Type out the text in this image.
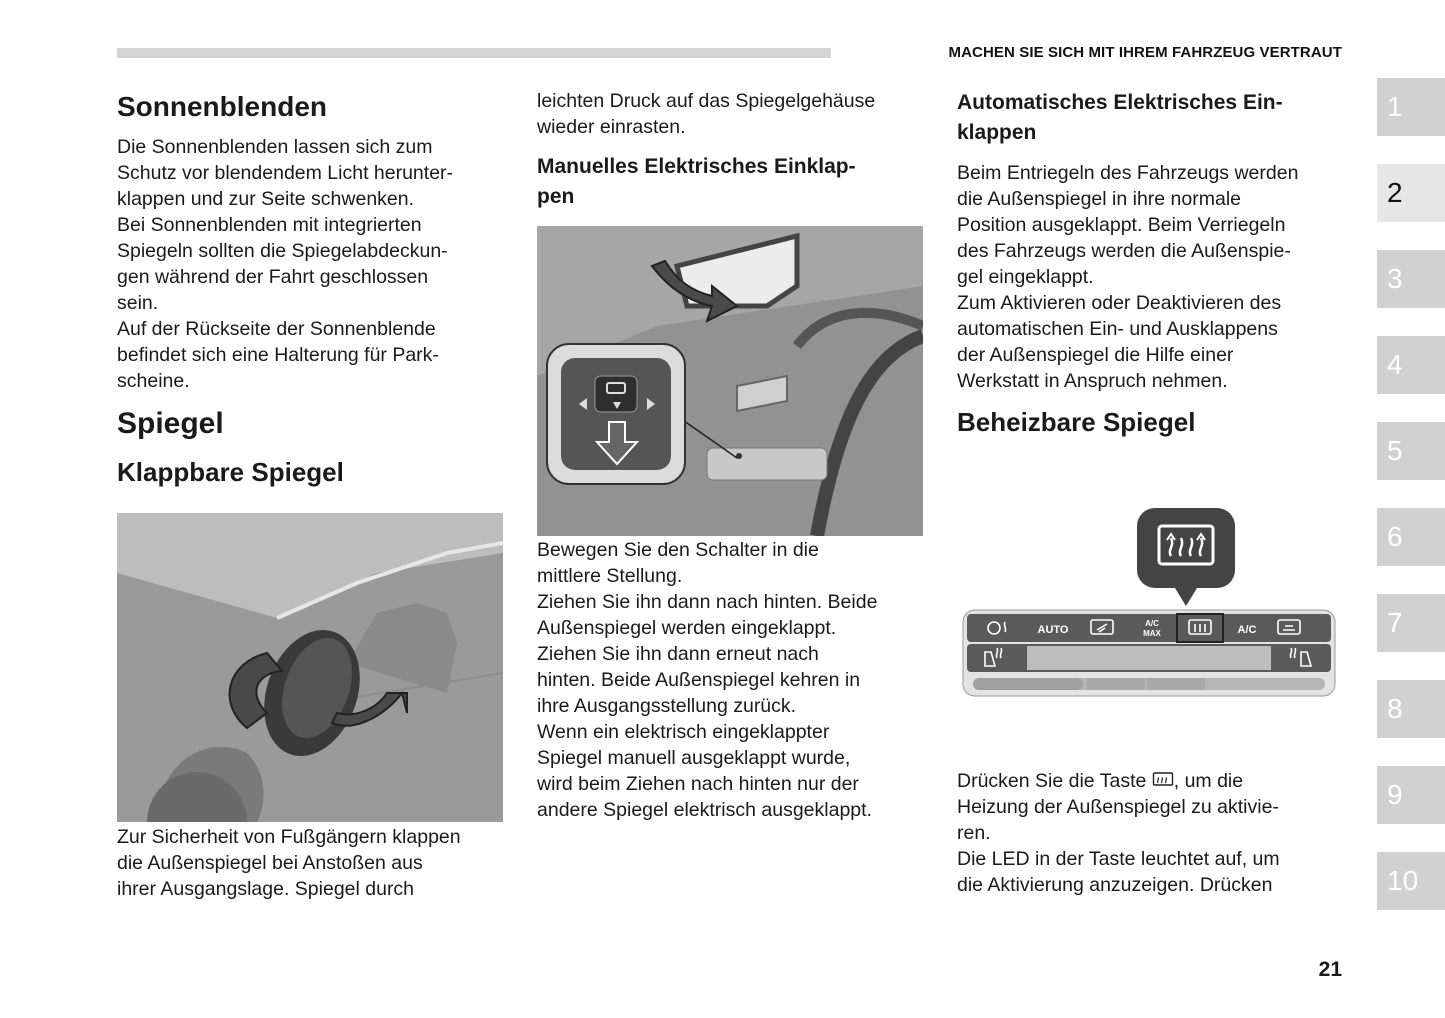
MACHEN SIE SICH MIT IHREM FAHRZEUG VERTRAUT
Sonnenblenden

Die Sonnenblenden lassen sich zum

Schutz vor blendendem Licht herunter-

klappen und zur Seite schwenken.

Bei Sonnenblenden mit integrierten

Spiegeln sollten die Spiegelabdeckun-

gen während der Fahrt geschlossen

sein.

Auf der Rückseite der Sonnenblende

befindet sich eine Halterung für Park-

scheine.

Spiegel
Klappbare Spiegel

Zur Sicherheit von Fußgängern klappen

die Außenspiegel bei Anstoßen aus

ihrer Ausgangslage. Spiegel durch

leichten Druck auf das Spiegelgehäuse

wieder einrasten.

Manuelles Elektrisches Einklap-
pen

Bewegen Sie den Schalter in die

mittlere Stellung.

Ziehen Sie ihn dann nach hinten. Beide

Außenspiegel werden eingeklappt.

Ziehen Sie ihn dann erneut nach

hinten. Beide Außenspiegel kehren in

ihre Ausgangsstellung zurück.

Wenn ein elektrisch eingeklappter

Spiegel manuell ausgeklappt wurde,

wird beim Ziehen nach hinten nur der

andere Spiegel elektrisch ausgeklappt.

Automatisches Elektrisches Ein-
klappen

Beim Entriegeln des Fahrzeugs werden

die Außenspiegel in ihre normale

Position ausgeklappt. Beim Verriegeln

des Fahrzeugs werden die Außenspie-

gel eingeklappt.

Zum Aktivieren oder Deaktivieren des

automatischen Ein- und Ausklappens

der Außenspiegel die Hilfe einer

Werkstatt in Anspruch nehmen.

Beheizbare Spiegel
AUTO
A/C
MAX	A/C

Drücken Sie die Taste , um die

Heizung der Außenspiegel zu aktivie-

ren.

Die LED in der Taste leuchtet auf, um

die Aktivierung anzuzeigen. Drücken

1
2
3
4
5
6
7
8
9
10
21
